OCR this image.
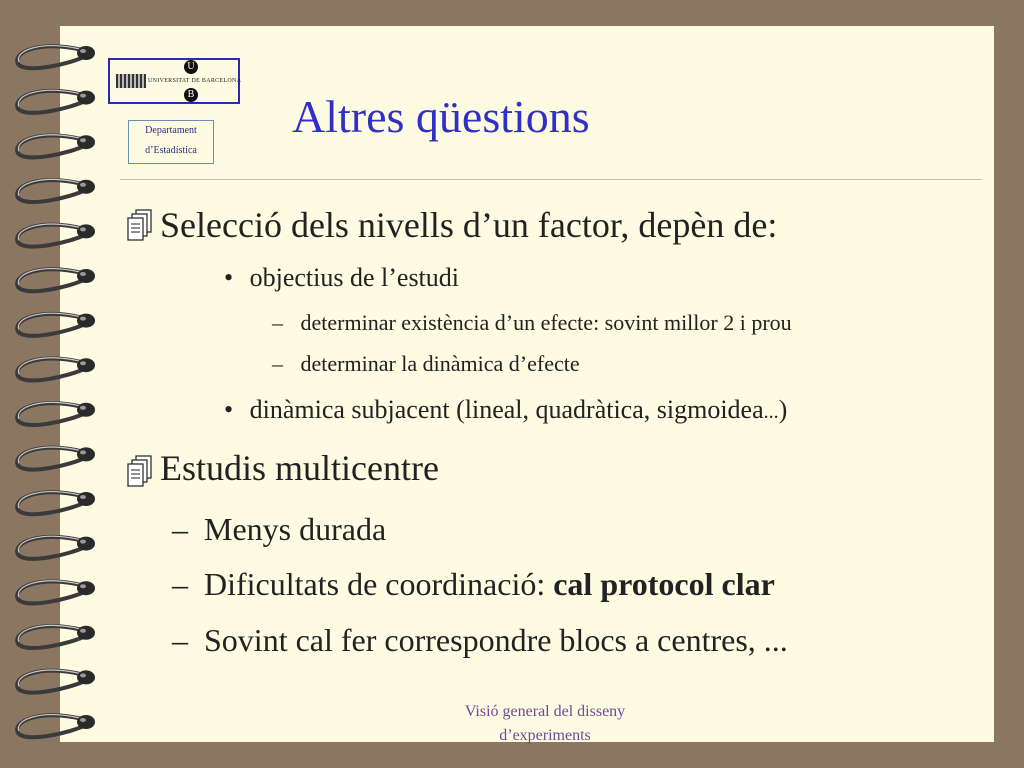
UNIVERSITAT DE BARCELONA
U
B
Departament
d’Estadística
Altres qüestions
Selecció dels nivells d’un factor, depèn de:
• objectius de l’estudi
– determinar existència d’un efecte: sovint millor 2 i prou
– determinar la dinàmica d’efecte
• dinàmica subjacent (lineal, quadràtica, sigmoidea...)
Estudis multicentre
– Menys durada
– Dificultats de coordinació: cal protocol clar
– Sovint cal fer correspondre blocs a centres, ...
Visió general del disseny
d’experiments
